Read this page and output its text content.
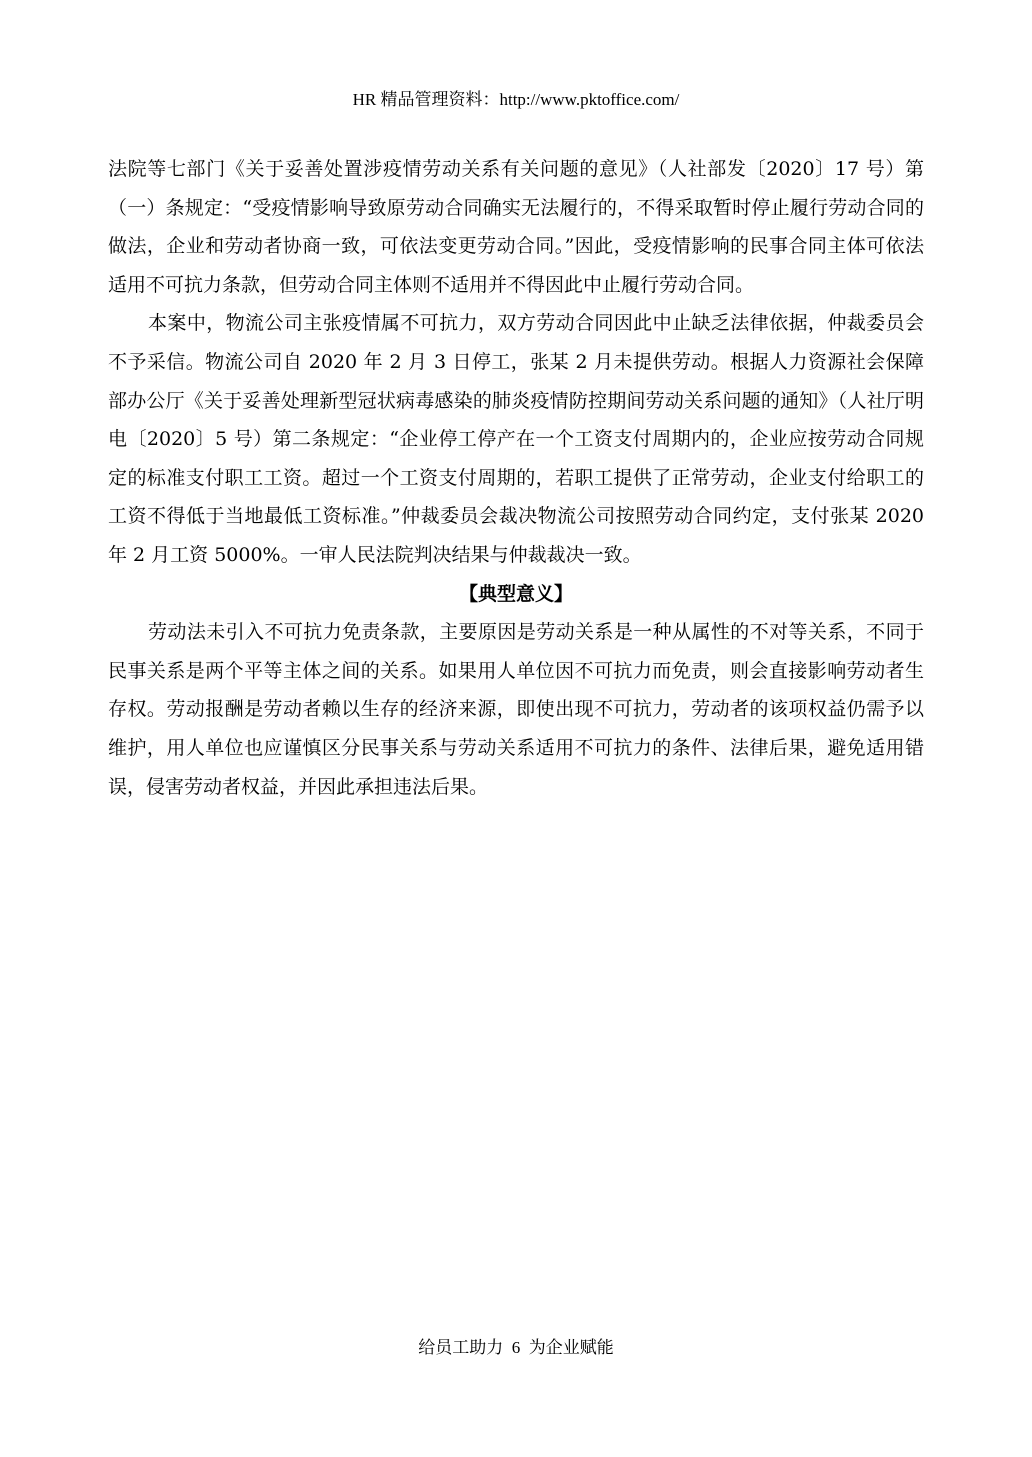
HR 精品管理资料：http://www.pktoffice.com/

法院等七部门《关于妥善处置涉疫情劳动关系有关问题的意见》（人社部发〔2020〕17 号）第（一）条规定：“受疫情影响导致原劳动合同确实无法履行的，不得采取暂时停止履行劳动合同的做法，企业和劳动者协商一致，可依法变更劳动合同。”因此，受疫情影响的民事合同主体可依法适用不可抗力条款，但劳动合同主体则不适用并不得因此中止履行劳动合同。

本案中，物流公司主张疫情属不可抗力，双方劳动合同因此中止缺乏法律依据，仲裁委员会不予采信。物流公司自 2020 年 2 月 3 日停工，张某 2 月未提供劳动。根据人力资源社会保障部办公厅《关于妥善处理新型冠状病毒感染的肺炎疫情防控期间劳动关系问题的通知》（人社厅明电〔2020〕5 号）第二条规定：“企业停工停产在一个工资支付周期内的，企业应按劳动合同规定的标准支付职工工资。超过一个工资支付周期的，若职工提供了正常劳动，企业支付给职工的工资不得低于当地最低工资标准。”仲裁委员会裁决物流公司按照劳动合同约定，支付张某 2020 年 2 月工资 5000%。一审人民法院判决结果与仲裁裁决一致。

【典型意义】

劳动法未引入不可抗力免责条款，主要原因是劳动关系是一种从属性的不对等关系，不同于民事关系是两个平等主体之间的关系。如果用人单位因不可抗力而免责，则会直接影响劳动者生存权。劳动报酬是劳动者赖以生存的经济来源，即使出现不可抗力，劳动者的该项权益仍需予以维护，用人单位也应谨慎区分民事关系与劳动关系适用不可抗力的条件、法律后果，避免适用错误，侵害劳动者权益，并因此承担违法后果。

给员工助力  6  为企业赋能
